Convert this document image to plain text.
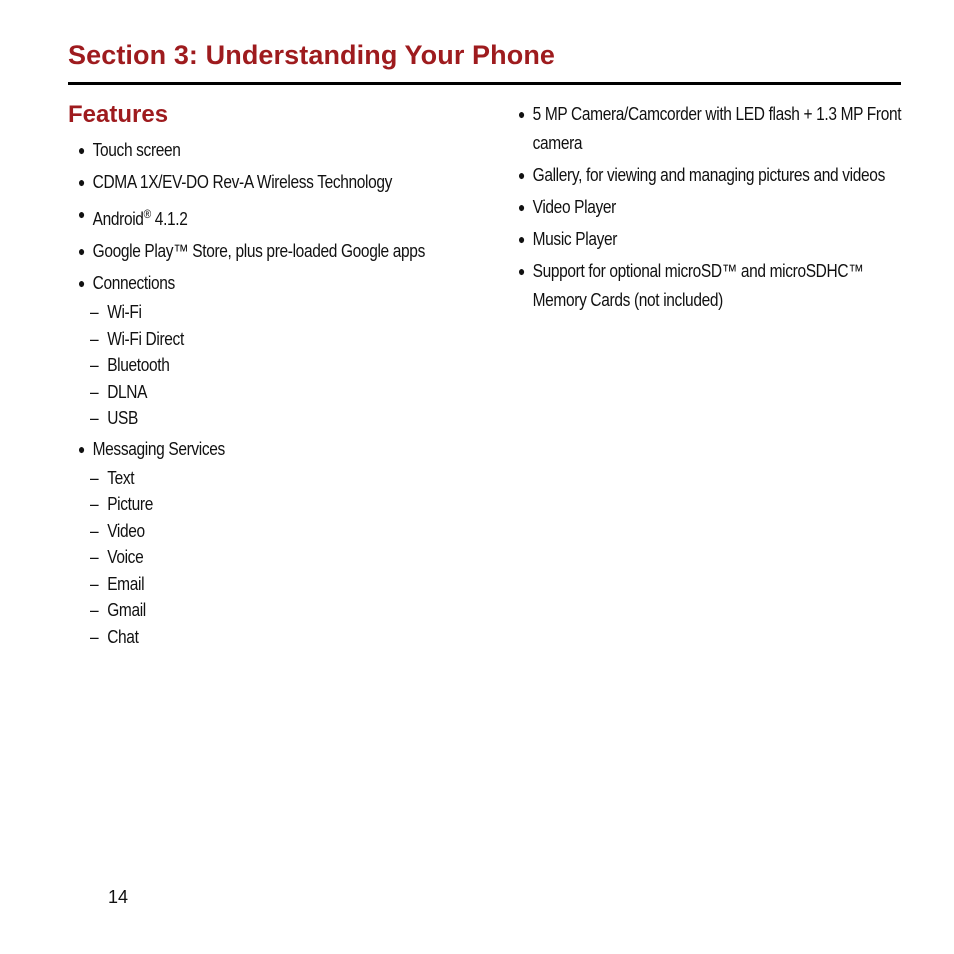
Section 3: Understanding Your Phone
Features
● Touch screen
● CDMA 1X/EV-DO Rev-A Wireless Technology
● Android® 4.1.2
● Google Play™ Store, plus pre-loaded Google apps
● Connections
– Wi-Fi
– Wi-Fi Direct
– Bluetooth
– DLNA
– USB
● Messaging Services
– Text
– Picture
– Video
– Voice
– Email
– Gmail
– Chat
● 5 MP Camera/Camcorder with LED flash + 1.3 MP Front camera
● Gallery, for viewing and managing pictures and videos
● Video Player
● Music Player
● Support for optional microSD™ and microSDHC™ Memory Cards (not included)
14
